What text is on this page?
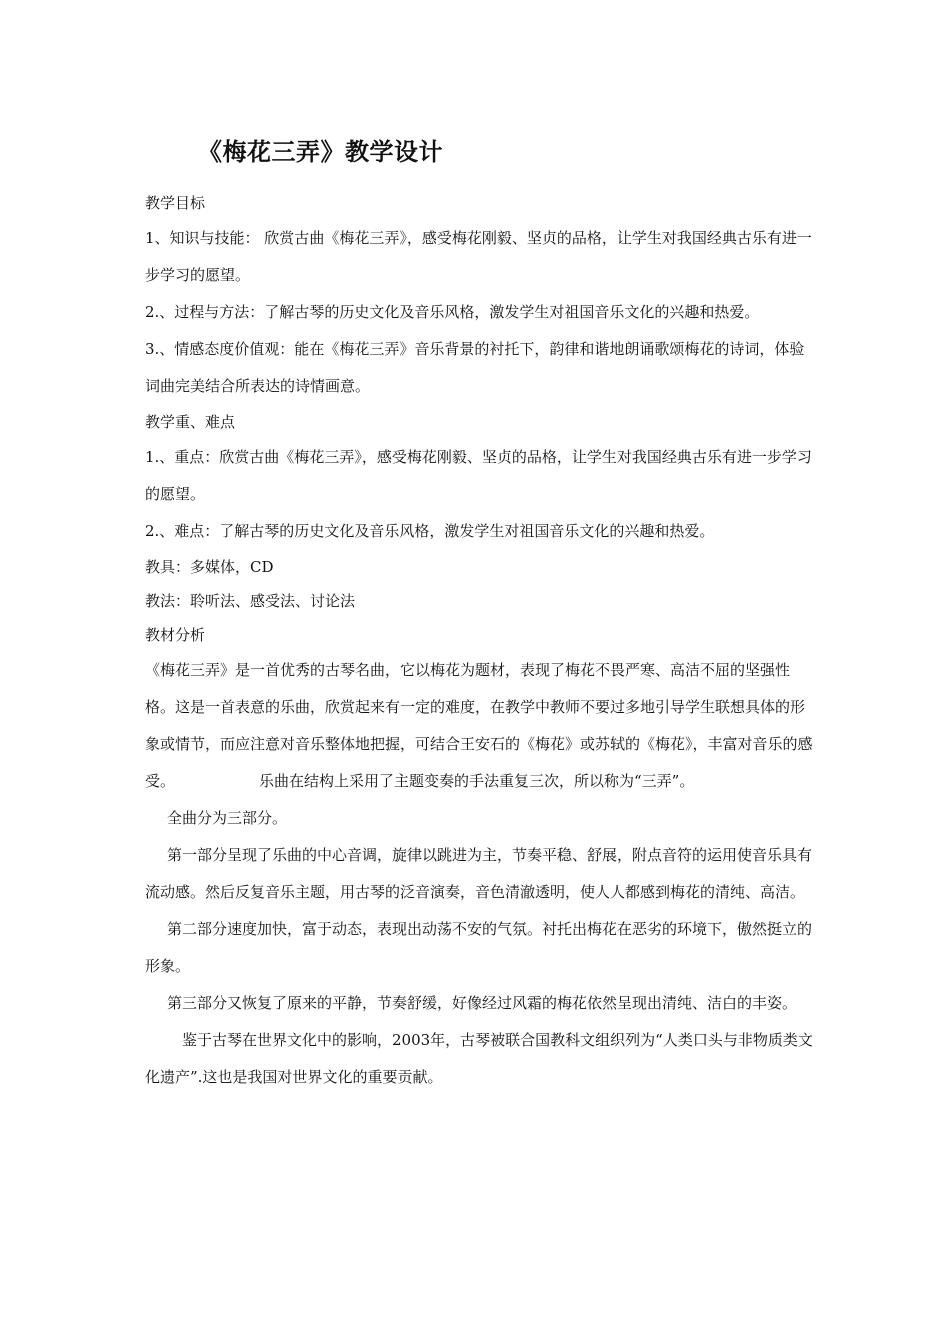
《梅花三弄》教学设计

教学目标

1、知识与技能： 欣赏古曲《梅花三弄》，感受梅花刚毅、坚贞的品格，让学生对我国经典古乐有进一步学习的愿望。

2.、过程与方法：了解古琴的历史文化及音乐风格，激发学生对祖国音乐文化的兴趣和热爱。

3.、情感态度价值观：能在《梅花三弄》音乐背景的衬托下，韵律和谐地朗诵歌颂梅花的诗词，体验词曲完美结合所表达的诗情画意。

教学重、难点

1.、重点：欣赏古曲《梅花三弄》，感受梅花刚毅、坚贞的品格，让学生对我国经典古乐有进一步学习的愿望。

2.、难点：了解古琴的历史文化及音乐风格，激发学生对祖国音乐文化的兴趣和热爱。

教具：多媒体，CD

教法：聆听法、感受法、讨论法

教材分析

《梅花三弄》是一首优秀的古琴名曲，它以梅花为题材，表现了梅花不畏严寒、高洁不屈的坚强性格。这是一首表意的乐曲，欣赏起来有一定的难度，在教学中教师不要过多地引导学生联想具体的形象或情节，而应注意对音乐整体地把握，可结合王安石的《梅花》或苏轼的《梅花》，丰富对音乐的感受。	乐曲在结构上采用了主题变奏的手法重复三次，所以称为“三弄”。

全曲分为三部分。

第一部分呈现了乐曲的中心音调，旋律以跳进为主，节奏平稳、舒展，附点音符的运用使音乐具有流动感。然后反复音乐主题，用古琴的泛音演奏，音色清澈透明，使人人都感到梅花的清纯、高洁。

第二部分速度加快，富于动态，表现出动荡不安的气氛。衬托出梅花在恶劣的环境下，傲然挺立的形象。

第三部分又恢复了原来的平静，节奏舒缓，好像经过风霜的梅花依然呈现出清纯、洁白的丰姿。

鉴于古琴在世界文化中的影响，2003年，古琴被联合国教科文组织列为“人类口头与非物质类文化遗产”.这也是我国对世界文化的重要贡献。
